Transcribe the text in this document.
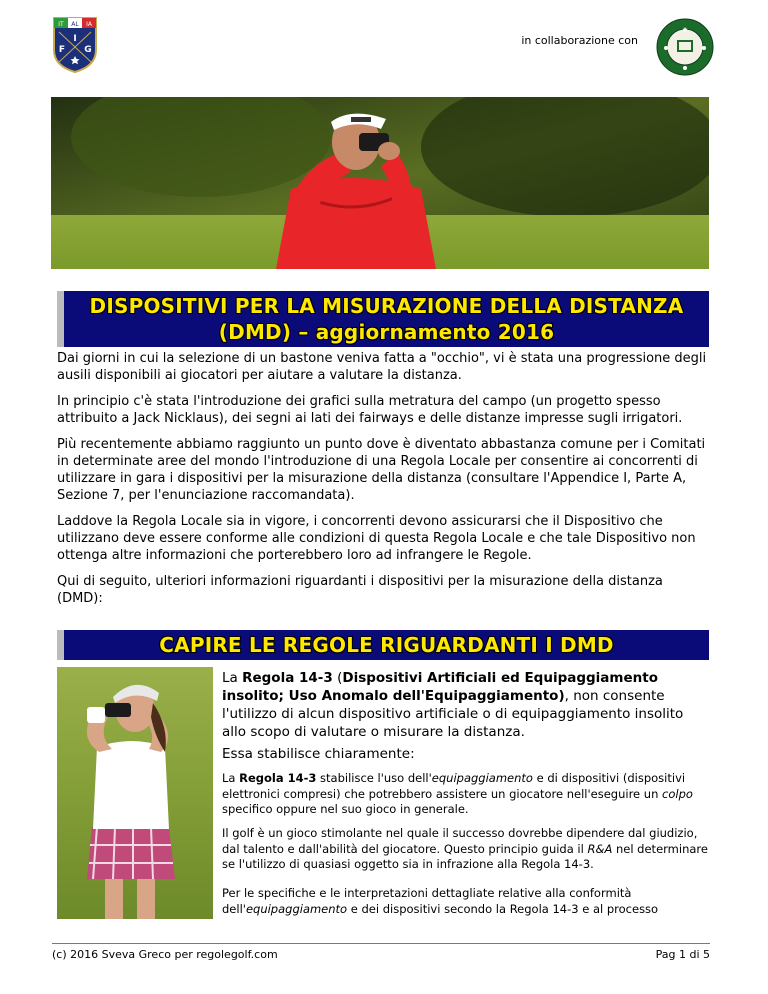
IT AL IA
I
F G
in collaborazione con
DISPOSITIVI PER LA MISURAZIONE DELLA DISTANZA
(DMD) – aggiornamento 2016

Dai giorni in cui la selezione di un bastone veniva fatta a "occhio", vi è stata una progressione degli ausili disponibili ai giocatori per aiutare a valutare la distanza.

In principio c'è stata l'introduzione dei grafici sulla metratura del campo (un progetto spesso attribuito a Jack Nicklaus), dei segni ai lati dei fairways e delle distanze impresse sugli irrigatori.

Più recentemente abbiamo raggiunto un punto dove è diventato abbastanza comune per i Comitati in determinate aree del mondo l'introduzione di una Regola Locale per consentire ai concorrenti di utilizzare in gara i dispositivi per la misurazione della distanza (consultare l'Appendice I, Parte A, Sezione 7, per l'enunciazione raccomandata).

Laddove la Regola Locale sia in vigore, i concorrenti devono assicurarsi che il Dispositivo che utilizzano deve essere conforme alle condizioni di questa Regola Locale e che tale Dispositivo non ottenga altre informazioni che porterebbero loro ad infrangere le Regole.

Qui di seguito, ulteriori informazioni riguardanti i dispositivi per la misurazione della distanza (DMD):

CAPIRE LE REGOLE RIGUARDANTI I DMD

La Regola 14-3 (Dispositivi Artificiali ed Equipaggiamento insolito; Uso Anomalo dell'Equipaggiamento), non consente l'utilizzo di alcun dispositivo artificiale o di equipaggiamento insolito allo scopo di valutare o misurare la distanza.

Essa stabilisce chiaramente:

La Regola 14-3 stabilisce l'uso dell'equipaggiamento e di dispositivi (dispositivi elettronici compresi) che potrebbero assistere un giocatore nell'eseguire un colpo specifico oppure nel suo gioco in generale.

Il golf è un gioco stimolante nel quale il successo dovrebbe dipendere dal giudizio, dal talento e dall'abilità del giocatore. Questo principio guida il R&A nel determinare se l'utilizzo di quasiasi oggetto sia in infrazione alla Regola 14-3.

Per le specifiche e le interpretazioni dettagliate relative alla conformità dell'equipaggiamento e dei dispositivi secondo la Regola 14-3 e al processo

(c) 2016 Sveva Greco per regolegolf.com	Pag 1 di 5
